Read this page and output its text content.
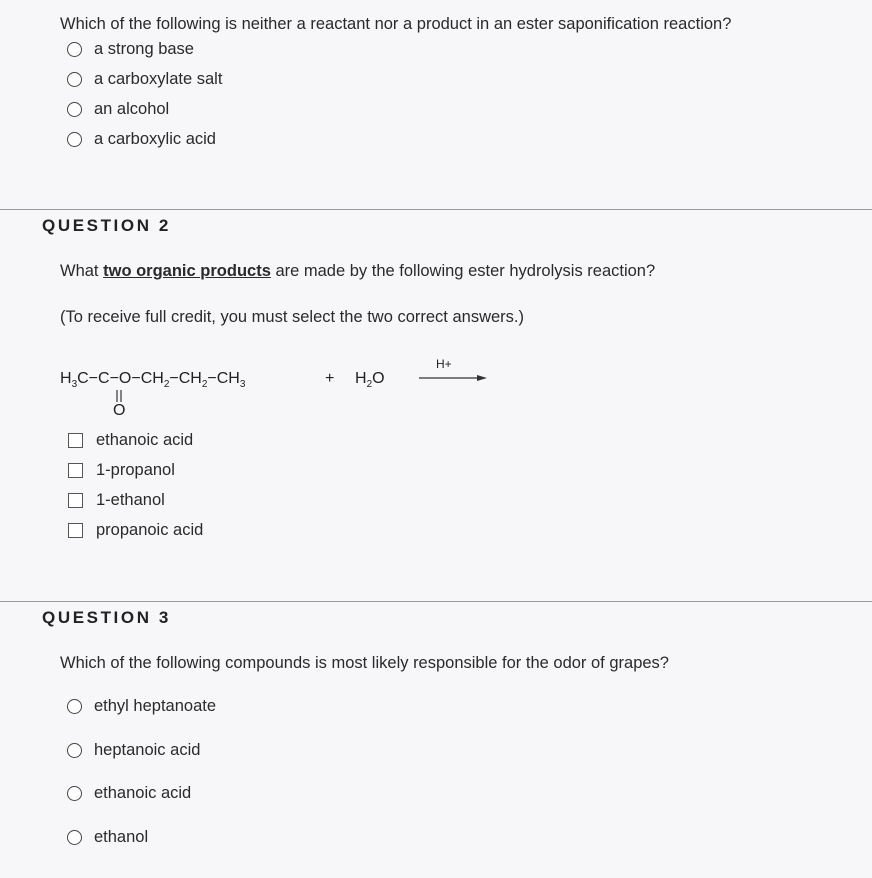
Which of the following is neither a reactant nor a product in an ester saponification reaction?
a strong base
a carboxylate salt
an alcohol
a carboxylic acid
QUESTION 2
What two organic products are made by the following ester hydrolysis reaction?
(To receive full credit, you must select the two correct answers.)
$H_3C-C-O-CH_2-CH_2-CH_3$
O
+ $H_2O$
H+
ethanoic acid
1-propanol
1-ethanol
propanoic acid
QUESTION 3
Which of the following compounds is most likely responsible for the odor of grapes?
ethyl heptanoate
heptanoic acid
ethanoic acid
ethanol
